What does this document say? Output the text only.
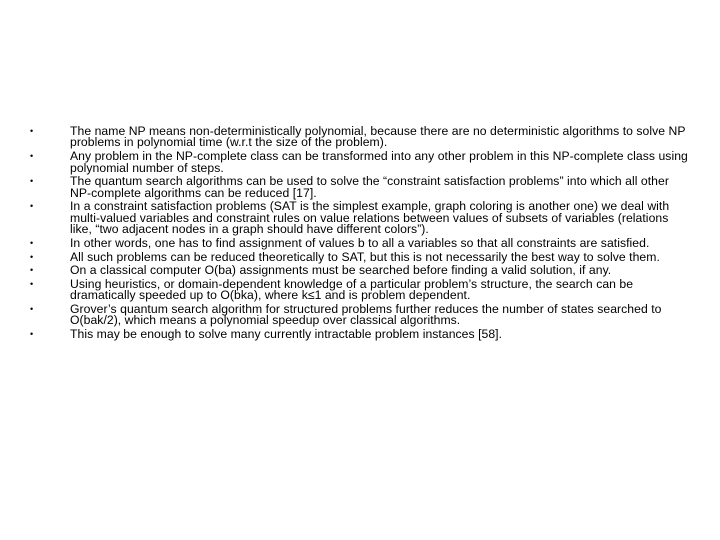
•	The name NP means non-deterministically polynomial, because there are no deterministic algorithms to solve NP problems in polynomial time (w.r.t the size of the problem).
•	Any problem in the NP-complete class can be transformed into any other problem in this NP-complete class using polynomial number of steps.
•	The quantum search algorithms can be used to solve the “constraint satisfaction problems” into which all other NP-complete algorithms can be reduced [17].
•	In a constraint satisfaction problems (SAT is the simplest example, graph coloring is another one) we deal with multi-valued variables and constraint rules on value relations between values of subsets of variables (relations like, “two adjacent nodes in a graph should have different colors”).
•	In other words, one has to find assignment of values b to all a variables so that all constraints are satisfied.
•	All such problems can be reduced theoretically to SAT, but this is not necessarily the best way to solve them.
•	On a classical computer O(ba) assignments must be searched before finding a valid solution, if any.
•	Using heuristics, or domain-dependent knowledge of a particular problem’s structure, the search can be dramatically speeded up to O(bka), where k≤1 and is problem dependent.
•	Grover’s quantum search algorithm for structured problems further reduces the number of states searched to O(bak/2), which means a polynomial speedup over classical algorithms.
•	This may be enough to solve many currently intractable problem instances [58].
